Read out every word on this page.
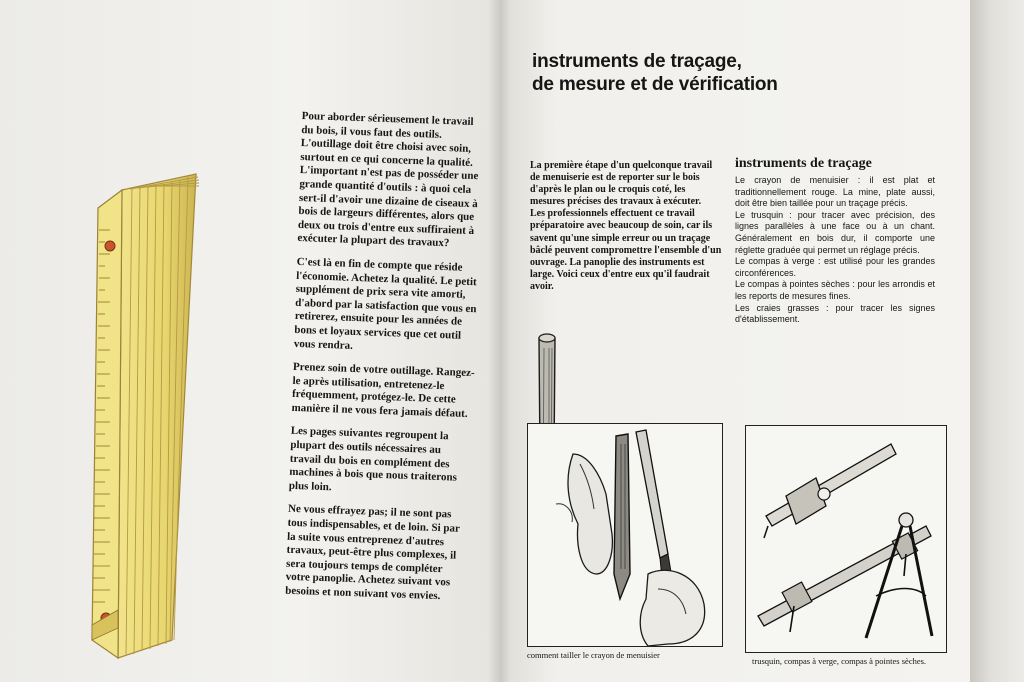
Pour aborder sérieusement le travail du bois, il vous faut des outils. L'outillage doit être choisi avec soin, surtout en ce qui concerne la qualité. L'important n'est pas de posséder une grande quantité d'outils : à quoi cela sert-il d'avoir une dizaine de ciseaux à bois de largeurs différentes, alors que deux ou trois d'entre eux suffiraient à exécuter la plupart des travaux?

C'est là en fin de compte que réside l'économie. Achetez la qualité. Le petit supplément de prix sera vite amorti, d'abord par la satisfaction que vous en retirerez, ensuite pour les années de bons et loyaux services que cet outil vous rendra.

Prenez soin de votre outillage. Rangez-le après utilisation, entretenez-le fréquemment, protégez-le. De cette manière il ne vous fera jamais défaut.

Les pages suivantes regroupent la plupart des outils nécessaires au travail du bois en complément des machines à bois que nous traiterons plus loin.

Ne vous effrayez pas; il ne sont pas tous indispensables, et de loin. Si par la suite vous entreprenez d'autres travaux, peut-être plus complexes, il sera toujours temps de compléter votre panoplie. Achetez suivant vos besoins et non suivant vos envies.

instruments de traçage,
de mesure et de vérification

La première étape d'un quelconque travail de menuiserie est de reporter sur le bois d'après le plan ou le croquis coté, les mesures précises des travaux à exécuter.

Les professionnels effectuent ce travail préparatoire avec beaucoup de soin, car ils savent qu'une simple erreur ou un traçage bâclé peuvent compromettre l'ensemble d'un ouvrage. La panoplie des instruments est large. Voici ceux d'entre eux qu'il faudrait avoir.

instruments de traçage

Le crayon de menuisier : il est plat et traditionnellement rouge. La mine, plate aussi, doit être bien taillée pour un traçage précis.

Le trusquin : pour tracer avec précision, des lignes parallèles à une face ou à un chant. Généralement en bois dur, il comporte une réglette graduée qui permet un réglage précis.

Le compas à verge : est utilisé pour les grandes circonférences.

Le compas à pointes sèches : pour les arrondis et les reports de mesures fines.

Les craies grasses : pour tracer les signes d'établissement.

comment tailler le crayon de menuisier
trusquin, compas à verge, compas à pointes sèches.
